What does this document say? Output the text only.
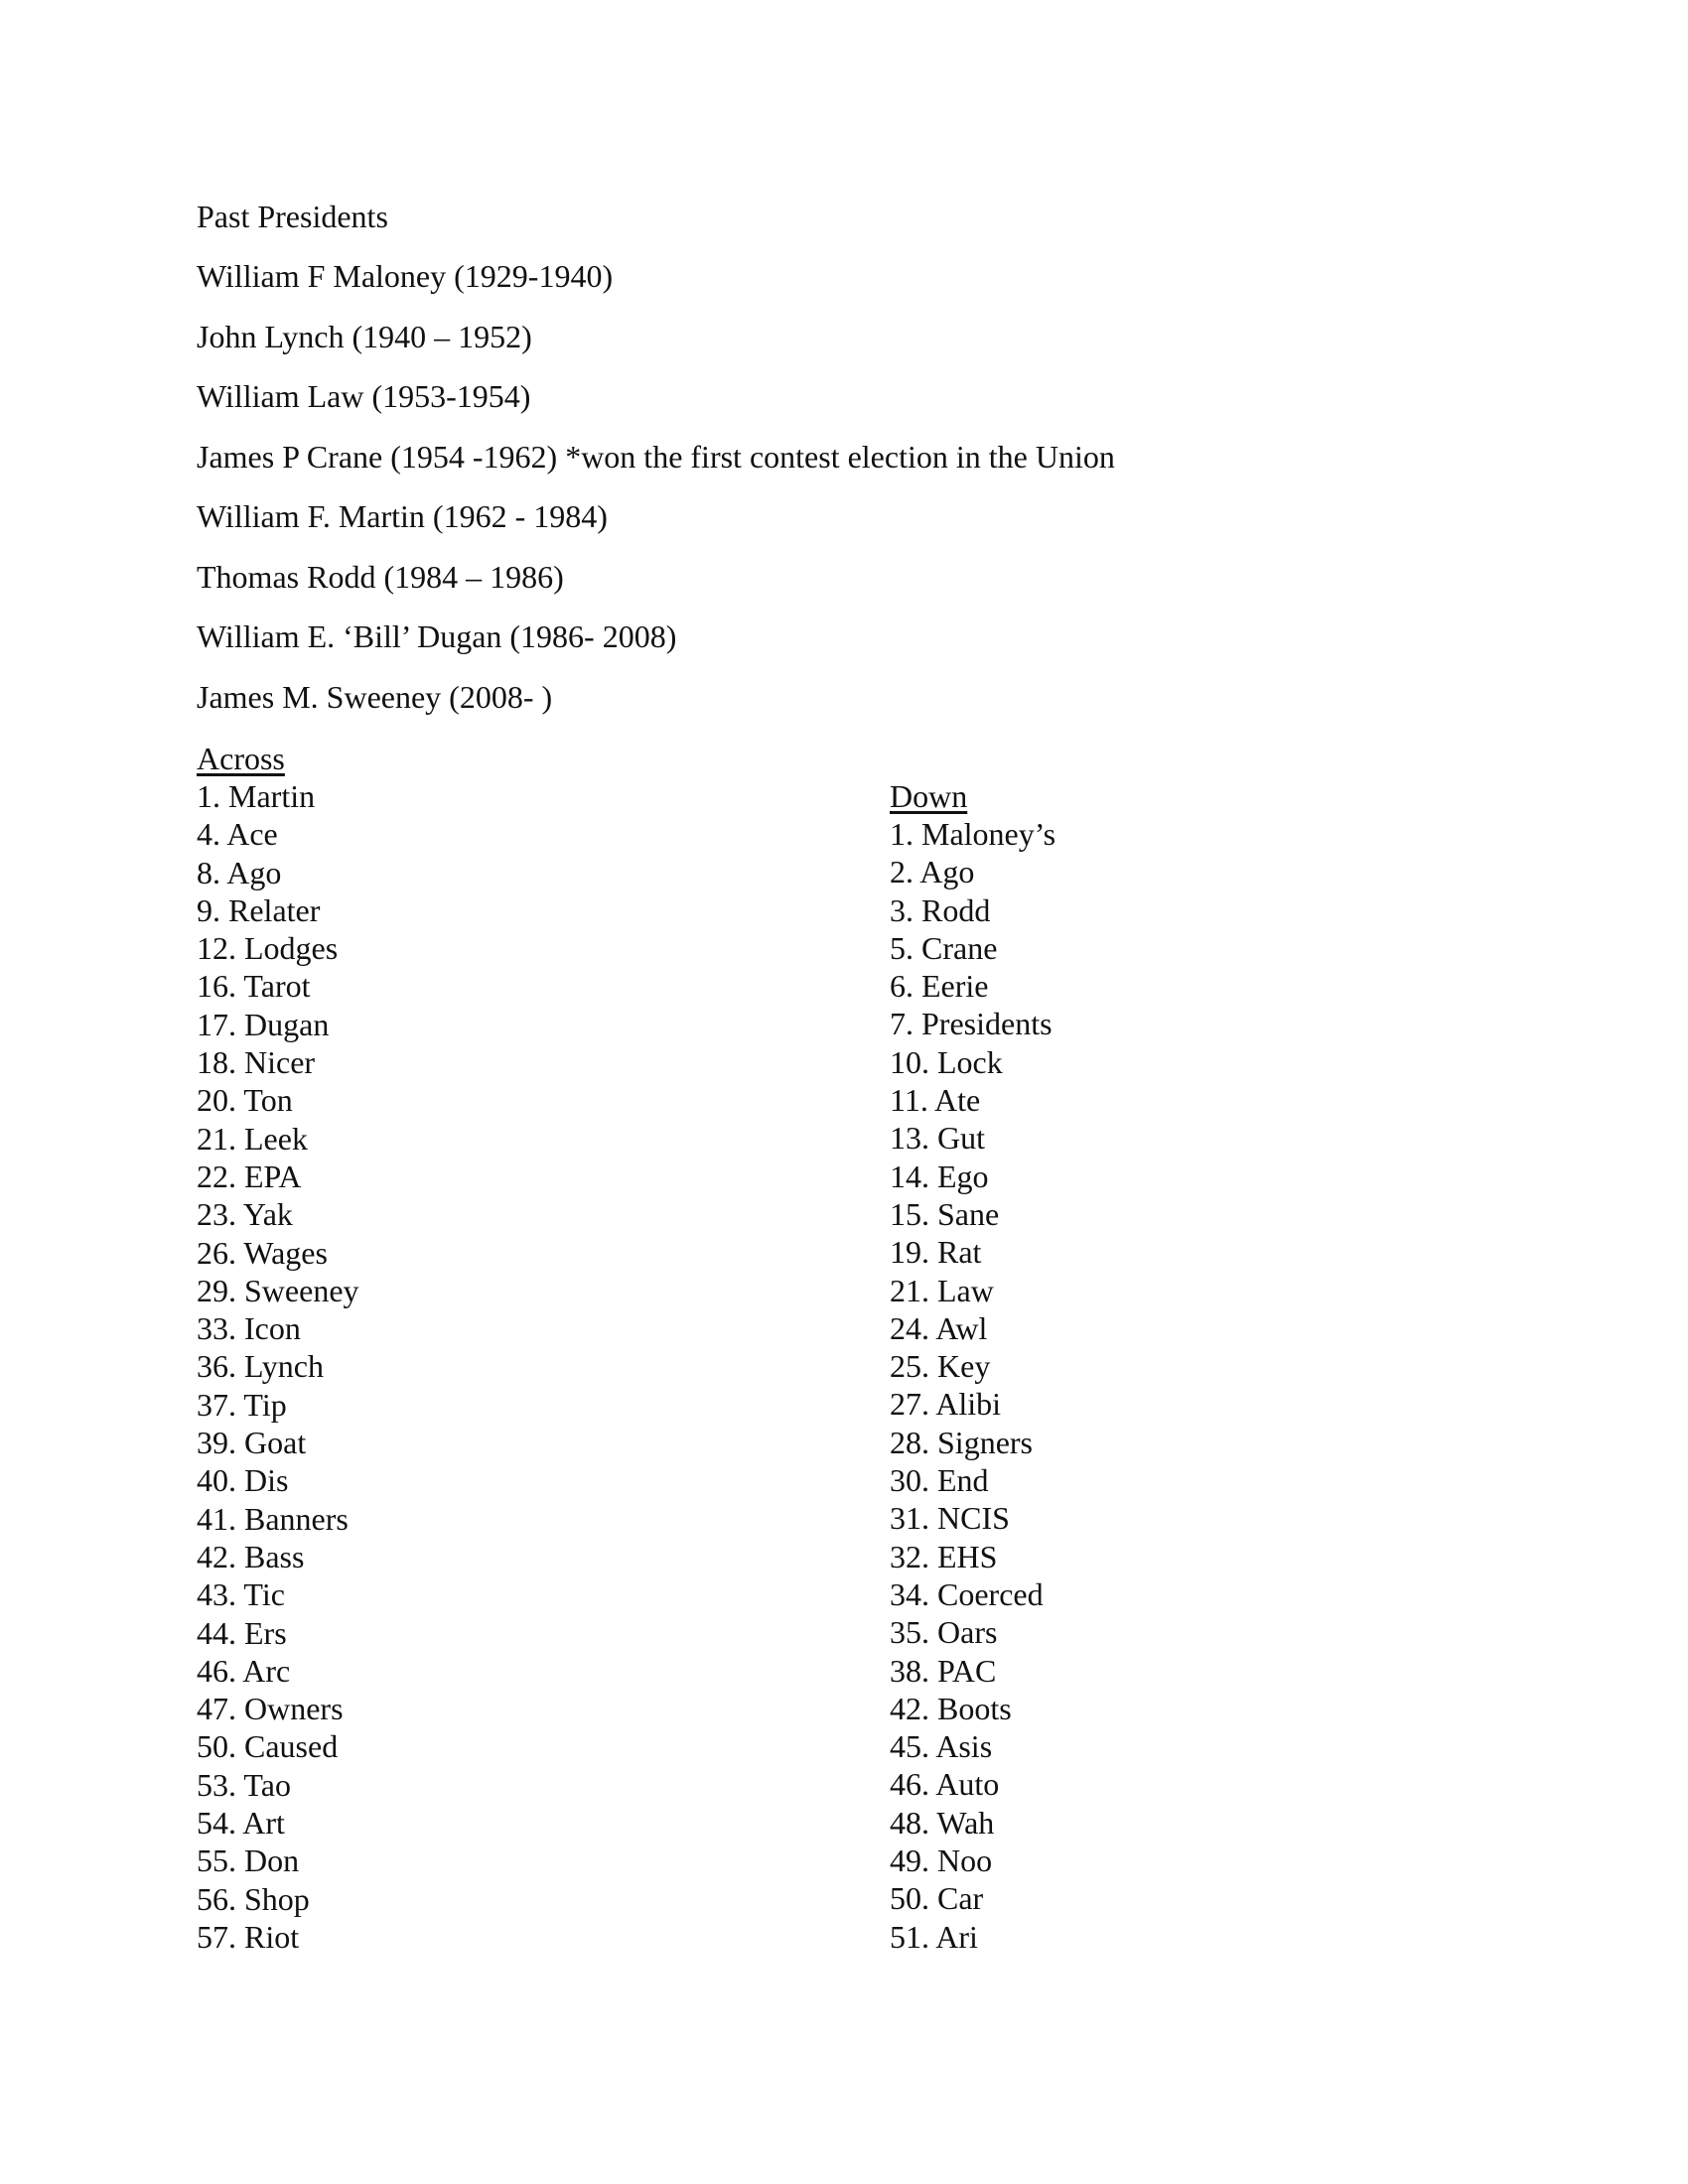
Past Presidents
William F Maloney (1929-1940)
John Lynch (1940 – 1952)
William Law (1953-1954)
James P Crane (1954 -1962) *won the first contest election in the Union
William F. Martin (1962 - 1984)
Thomas Rodd (1984 – 1986)
William E. ‘Bill’ Dugan (1986- 2008)
James M. Sweeney (2008- )
Across
1. Martin
4. Ace
8. Ago
9. Relater
12. Lodges
16. Tarot
17. Dugan
18. Nicer
20. Ton
21. Leek
22. EPA
23. Yak
26. Wages
29. Sweeney
33. Icon
36. Lynch
37. Tip
39. Goat
40. Dis
41. Banners
42. Bass
43. Tic
44. Ers
46. Arc
47. Owners
50. Caused
53. Tao
54. Art
55. Don
56. Shop
57. Riot
Down
1. Maloney’s
2. Ago
3. Rodd
5. Crane
6. Eerie
7. Presidents
10. Lock
11. Ate
13. Gut
14. Ego
15. Sane
19. Rat
21. Law
24. Awl
25. Key
27. Alibi
28. Signers
30. End
31. NCIS
32. EHS
34. Coerced
35. Oars
38. PAC
42. Boots
45. Asis
46. Auto
48. Wah
49. Noo
50. Car
51. Ari
